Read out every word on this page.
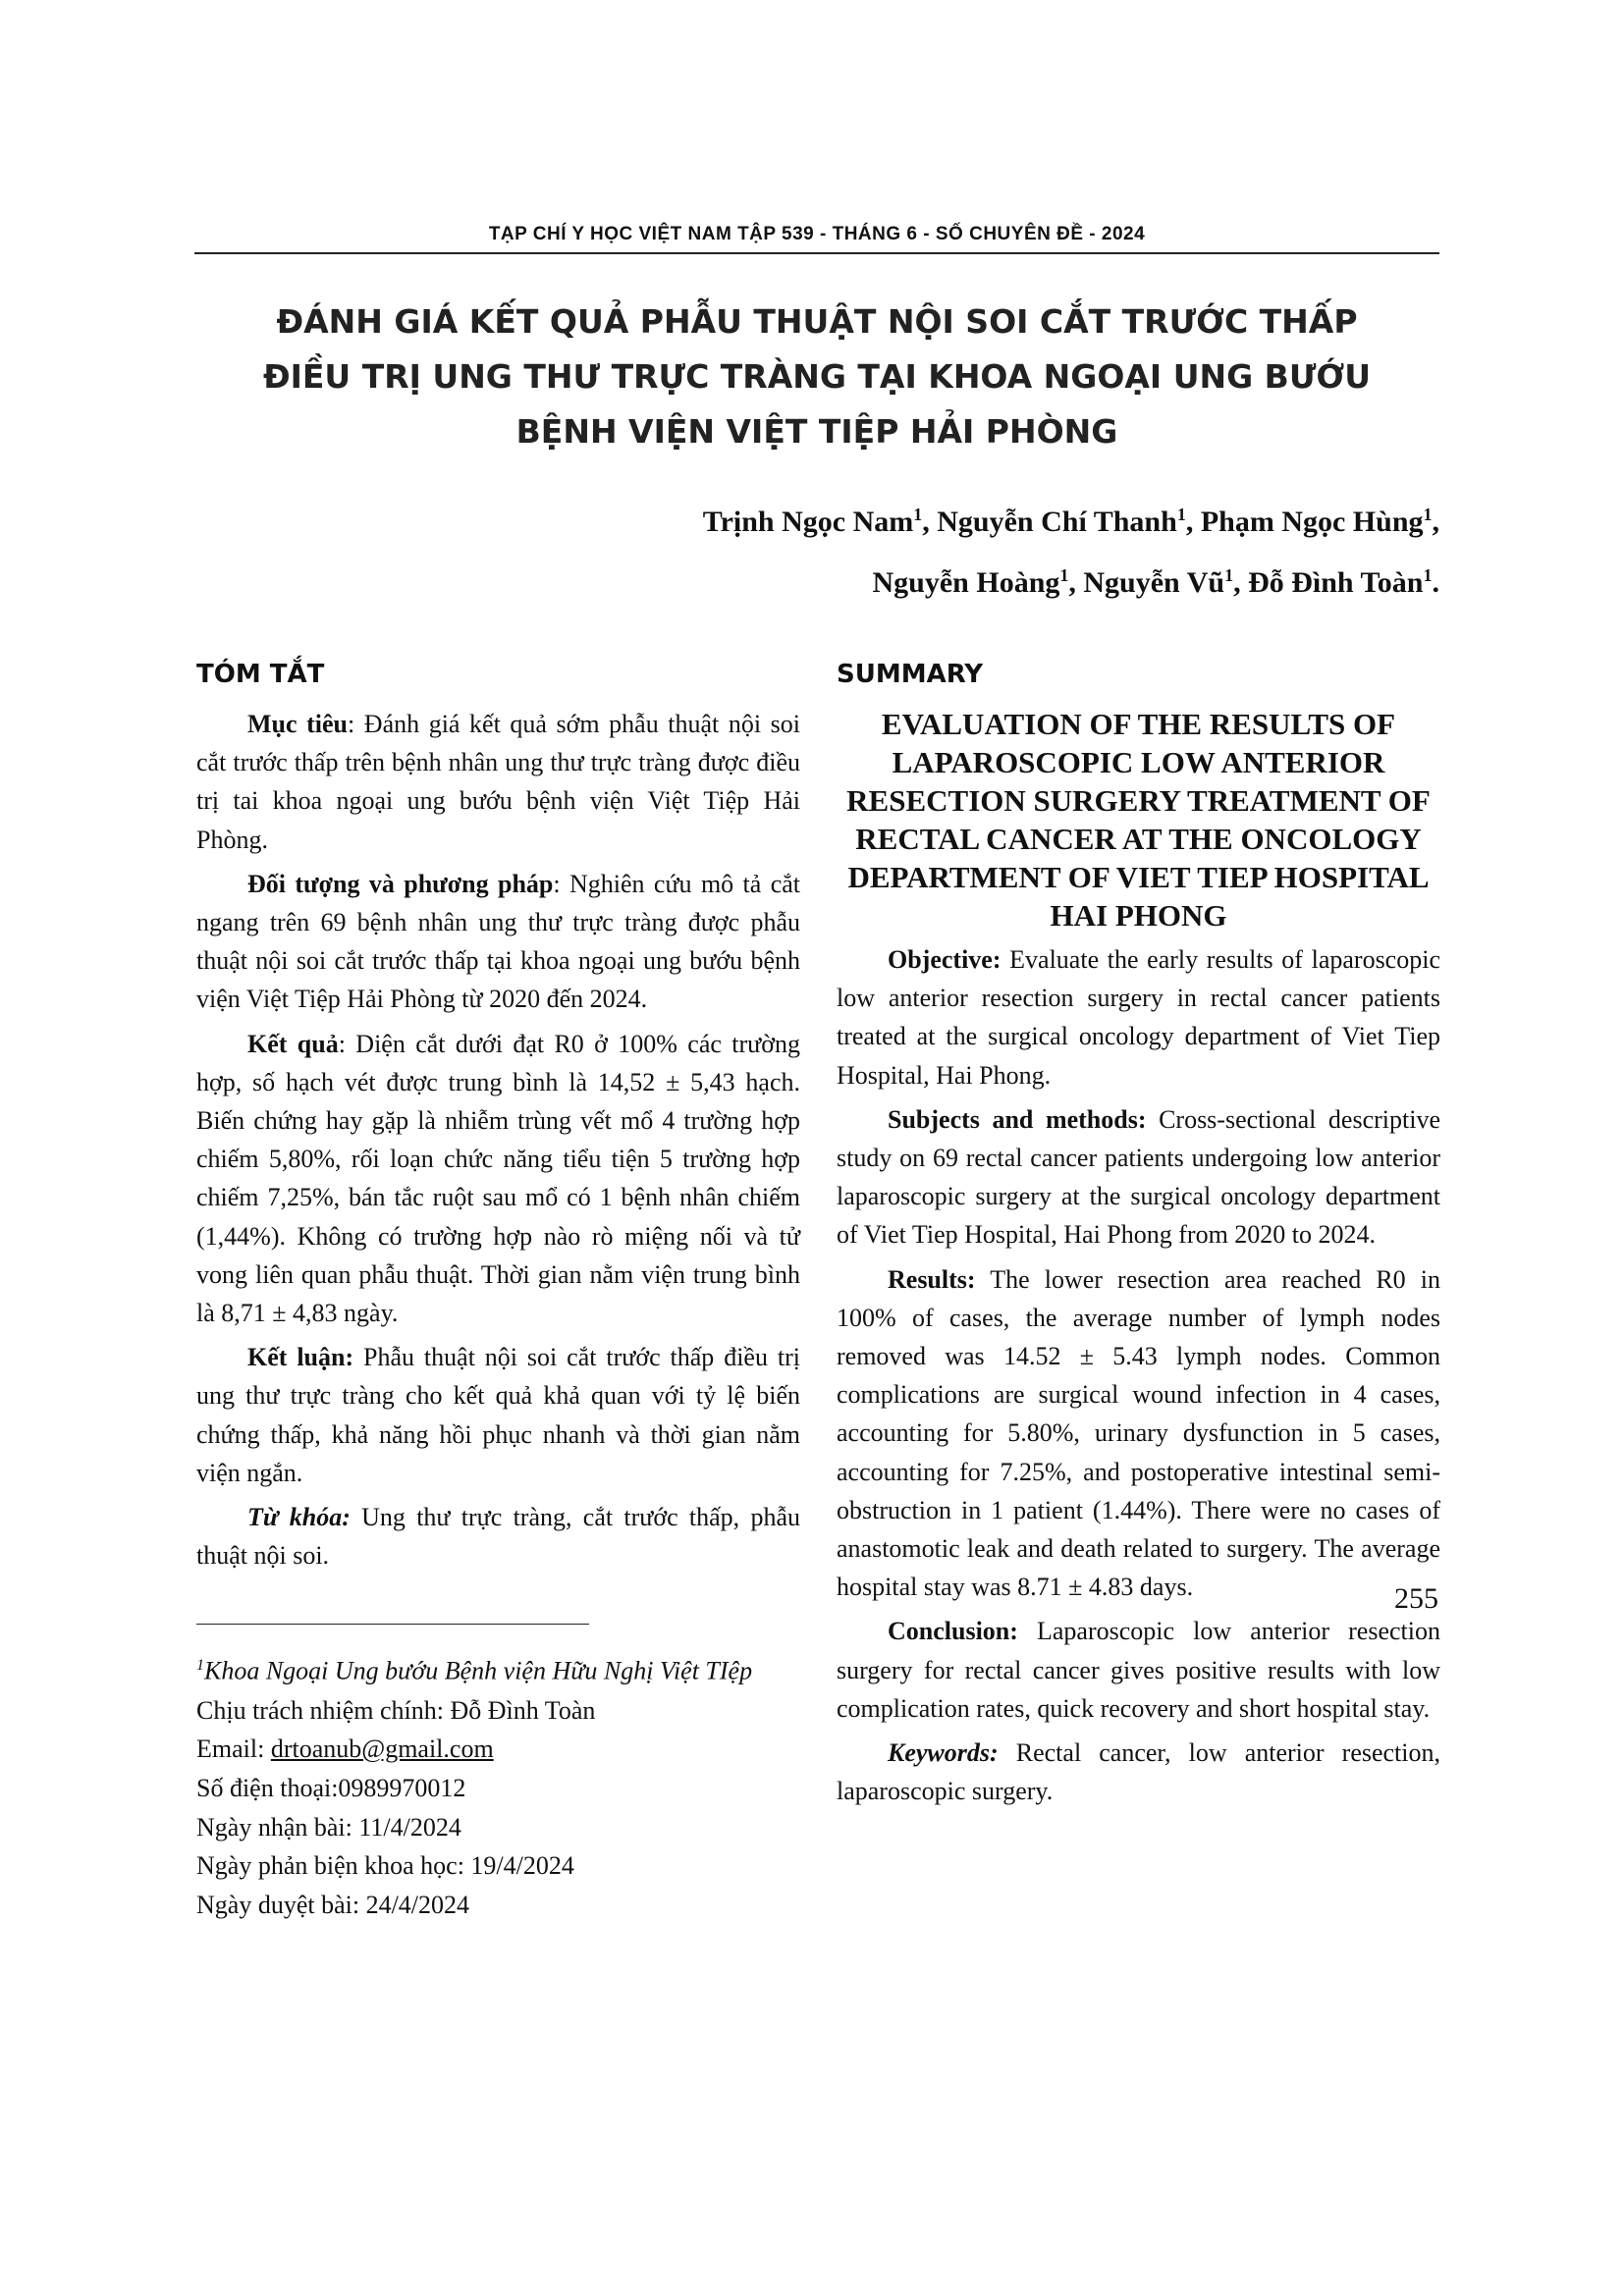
TẠP CHÍ Y HỌC VIỆT NAM TẬP 539 - THÁNG 6 - SỐ CHUYÊN ĐỀ - 2024
ĐÁNH GIÁ KẾT QUẢ PHẪU THUẬT NỘI SOI CẮT TRƯỚC THẤP
ĐIỀU TRỊ UNG THƯ TRỰC TRÀNG TẠI KHOA NGOẠI UNG BƯỚU
BỆNH VIỆN VIỆT TIỆP HẢI PHÒNG
Trịnh Ngọc Nam$^1$, Nguyễn Chí Thanh$^1$, Phạm Ngọc Hùng$^1$,
Nguyễn Hoàng$^1$, Nguyễn $Vũ^1$, Đỗ Đình Toàn$^1$.
TÓM TẮT

Mục tiêu: Đánh giá kết quả sớm phẫu thuật nội soi cắt trước thấp trên bệnh nhân ung thư trực tràng được điều trị tai khoa ngoại ung bướu bệnh viện Việt Tiệp Hải Phòng.

Đối tượng và phương pháp: Nghiên cứu mô tả cắt ngang trên 69 bệnh nhân ung thư trực tràng được phẫu thuật nội soi cắt trước thấp tại khoa ngoại ung bướu bệnh viện Việt Tiệp Hải Phòng từ 2020 đến 2024.

Kết quả: Diện cắt dưới đạt R0 ở 100% các trường hợp, số hạch vét được trung bình là 14,52 ± 5,43 hạch. Biến chứng hay gặp là nhiễm trùng vết mổ 4 trường hợp chiếm 5,80%, rối loạn chức năng tiểu tiện 5 trường hợp chiếm 7,25%, bán tắc ruột sau mổ có 1 bệnh nhân chiếm (1,44%). Không có trường hợp nào rò miệng nối và tử vong liên quan phẫu thuật. Thời gian nằm viện trung bình là 8,71 ± 4,83 ngày.

Kết luận: Phẫu thuật nội soi cắt trước thấp điều trị ung thư trực tràng cho kết quả khả quan với tỷ lệ biến chứng thấp, khả năng hồi phục nhanh và thời gian nằm viện ngắn.

Từ khóa: Ung thư trực tràng, cắt trước thấp, phẫu thuật nội soi.

$^1$Khoa Ngoại Ung bướu Bệnh viện Hữu Nghị Việt TIệp

Chịu trách nhiệm chính: Đỗ Đình Toàn

Email: drtoanub@gmail.com

Số điện thoại:0989970012

Ngày nhận bài: 11/4/2024

Ngày phản biện khoa học: 19/4/2024

Ngày duyệt bài: 24/4/2024

SUMMARY
EVALUATION OF THE RESULTS OF LAPAROSCOPIC LOW ANTERIOR RESECTION SURGERY TREATMENT OF RECTAL CANCER AT THE ONCOLOGY DEPARTMENT OF VIET TIEP HOSPITAL HAI PHONG

Objective: Evaluate the early results of laparoscopic low anterior resection surgery in rectal cancer patients treated at the surgical oncology department of Viet Tiep Hospital, Hai Phong.

Subjects and methods: Cross-sectional descriptive study on 69 rectal cancer patients undergoing low anterior laparoscopic surgery at the surgical oncology department of Viet Tiep Hospital, Hai Phong from 2020 to 2024.

Results: The lower resection area reached R0 in 100% of cases, the average number of lymph nodes removed was 14.52 ± 5.43 lymph nodes. Common complications are surgical wound infection in 4 cases, accounting for 5.80%, urinary dysfunction in 5 cases, accounting for 7.25%, and postoperative intestinal semi-obstruction in 1 patient (1.44%). There were no cases of anastomotic leak and death related to surgery. The average hospital stay was 8.71 ± 4.83 days.

Conclusion: Laparoscopic low anterior resection surgery for rectal cancer gives positive results with low complication rates, quick recovery and short hospital stay.

Keywords: Rectal cancer, low anterior resection, laparoscopic surgery.

255
